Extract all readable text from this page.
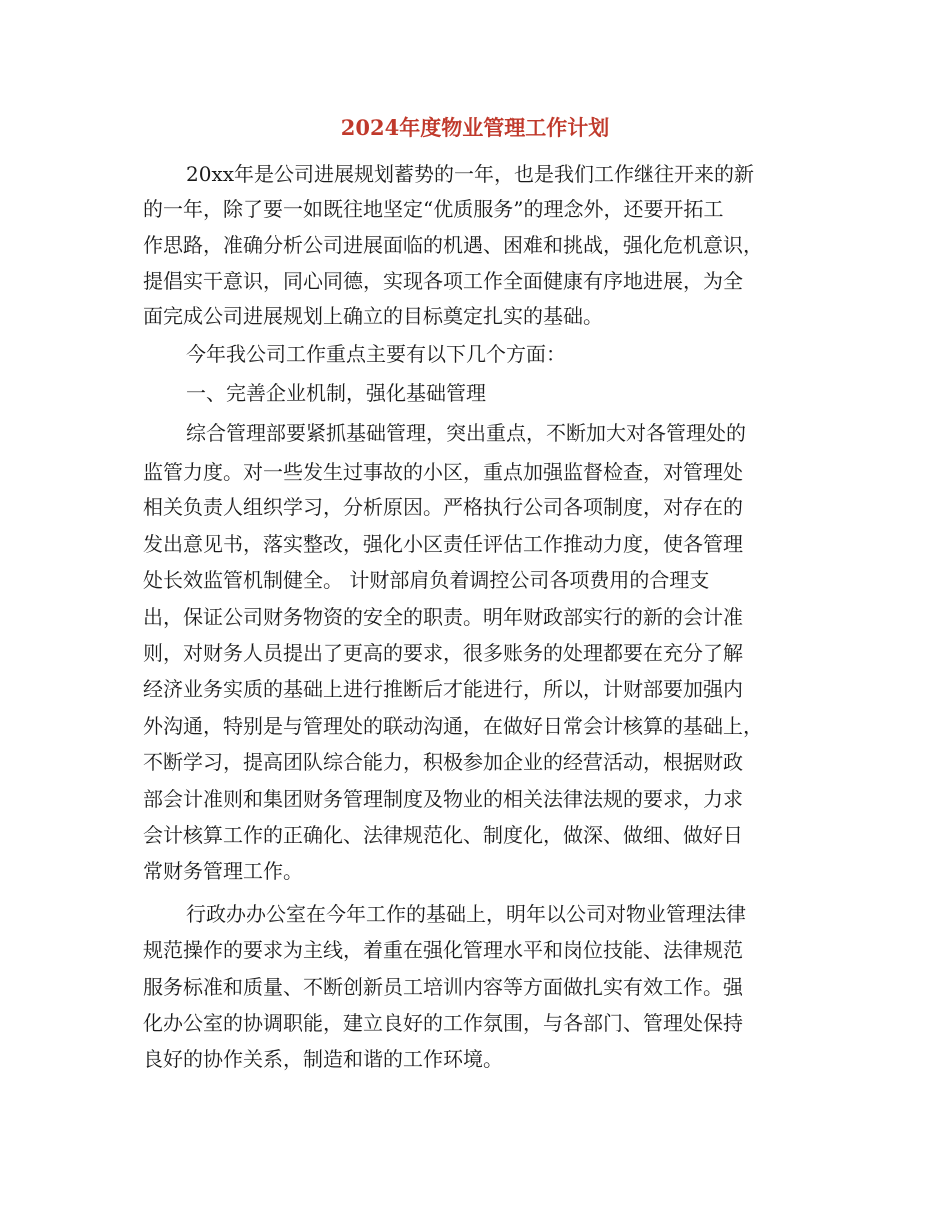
2024年度物业管理工作计划
20xx年是公司进展规划蓄势的一年，也是我们工作继往开来的新
的一年，除了要一如既往地坚定“优质服务”的理念外，还要开拓工
作思路，准确分析公司进展面临的机遇、困难和挑战，强化危机意识，
提倡实干意识，同心同德，实现各项工作全面健康有序地进展，为全
面完成公司进展规划上确立的目标奠定扎实的基础。
今年我公司工作重点主要有以下几个方面：
一、完善企业机制，强化基础管理
综合管理部要紧抓基础管理，突出重点，不断加大对各管理处的
监管力度。对一些发生过事故的小区，重点加强监督检查，对管理处
相关负责人组织学习，分析原因。严格执行公司各项制度，对存在的
发出意见书，落实整改，强化小区责任评估工作推动力度，使各管理
处长效监管机制健全。 计财部肩负着调控公司各项费用的合理支
出，保证公司财务物资的安全的职责。明年财政部实行的新的会计准
则，对财务人员提出了更高的要求，很多账务的处理都要在充分了解
经济业务实质的基础上进行推断后才能进行，所以，计财部要加强内
外沟通，特别是与管理处的联动沟通，在做好日常会计核算的基础上，
不断学习，提高团队综合能力，积极参加企业的经营活动，根据财政
部会计准则和集团财务管理制度及物业的相关法律法规的要求，力求
会计核算工作的正确化、法律规范化、制度化，做深、做细、做好日
常财务管理工作。
行政办办公室在今年工作的基础上，明年以公司对物业管理法律
规范操作的要求为主线，着重在强化管理水平和岗位技能、法律规范
服务标准和质量、不断创新员工培训内容等方面做扎实有效工作。强
化办公室的协调职能，建立良好的工作氛围，与各部门、管理处保持
良好的协作关系，制造和谐的工作环境。
